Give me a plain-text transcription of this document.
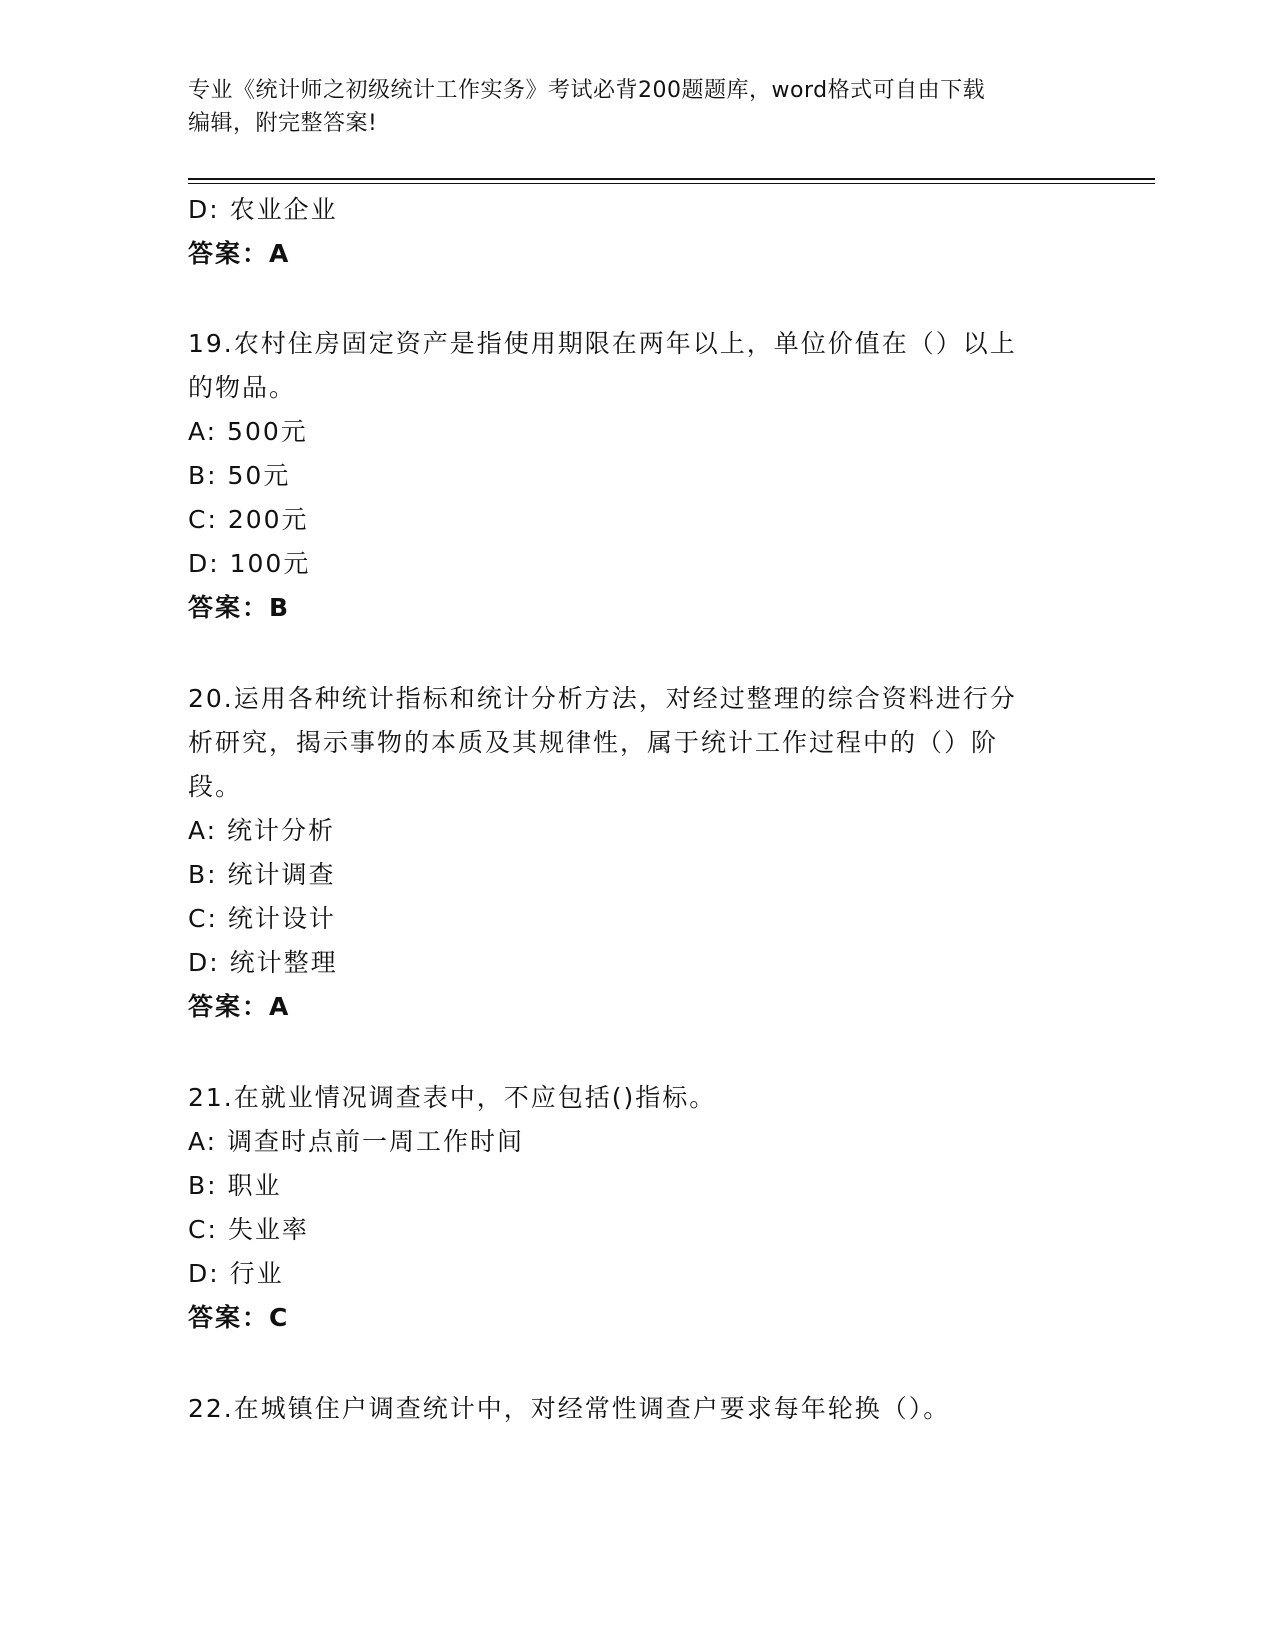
专业《统计师之初级统计工作实务》考试必背200题题库，word格式可自由下载
编辑，附完整答案!
D: 农业企业
答案：A
19.农村住房固定资产是指使用期限在两年以上，单位价值在（）以上
的物品。
A: 500元
B: 50元
C: 200元
D: 100元
答案：B
20.运用各种统计指标和统计分析方法，对经过整理的综合资料进行分
析研究，揭示事物的本质及其规律性，属于统计工作过程中的（）阶
段。
A: 统计分析
B: 统计调查
C: 统计设计
D: 统计整理
答案：A
21.在就业情况调查表中，不应包括()指标。
A: 调查时点前一周工作时间
B: 职业
C: 失业率
D: 行业
答案：C
22.在城镇住户调查统计中，对经常性调查户要求每年轮换（）。
